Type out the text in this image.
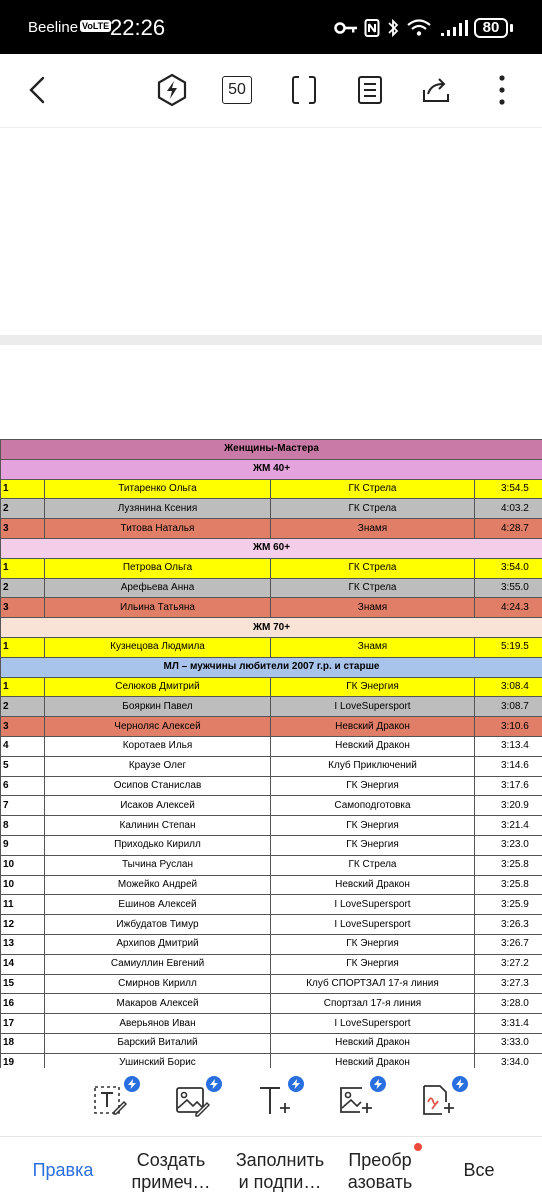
Beeline VoLTE 22:26	80
50
Женщины-Мастера			
ЖМ 40+			
1	Титаренко Ольга	ГК Стрела	3:54.5
2	Лузянина Ксения	ГК Стрела	4:03.2
3	Титова Наталья	Знамя	4:28.7
ЖМ 60+			
1	Петрова Ольга	ГК Стрела	3:54.0
2	Арефьева Анна	ГК Стрела	3:55.0
3	Ильина Татьяна	Знамя	4:24.3
ЖМ 70+			
1	Кузнецова Людмила	Знамя	5:19.5
МЛ – мужчины любители 2007 г.р. и старше			
1	Селюков Дмитрий	ГК Энергия	3:08.4
2	Бояркин Павел	I LoveSupersport	3:08.7
3	Черноляс Алексей	Невский Дракон	3:10.6
4	Коротаев Илья	Невский Дракон	3:13.4
5	Краузе Олег	Клуб Приключений	3:14.6
6	Осипов Станислав	ГК Энергия	3:17.6
7	Исаков Алексей	Самоподготовка	3:20.9
8	Калинин Степан	ГК Энергия	3:21.4
9	Приходько Кирилл	ГК Энергия	3:23.0
10	Тычина Руслан	ГК Стрела	3:25.8
10	Можейко Андрей	Невский Дракон	3:25.8
11	Ешинов Алексей	I LoveSupersport	3:25.9
12	Ижбудатов Тимур	I LoveSupersport	3:26.3
13	Архипов Дмитрий	ГК Энергия	3:26.7
14	Самиуллин Евгений	ГК Энергия	3:27.2
15	Смирнов Кирилл	Клуб СПОРТЗАЛ 17-я линия	3:27.3
16	Макаров Алексей	Спортзал 17-я линия	3:28.0
17	Аверьянов Иван	I LoveSupersport	3:31.4
18	Барский Виталий	Невский Дракон	3:33.0
19	Ушинский Борис	Невский Дракон	3:34.0
Правка	Создать
примеч…
Заполнить
и подпи…
Преобр
азовать
Все
